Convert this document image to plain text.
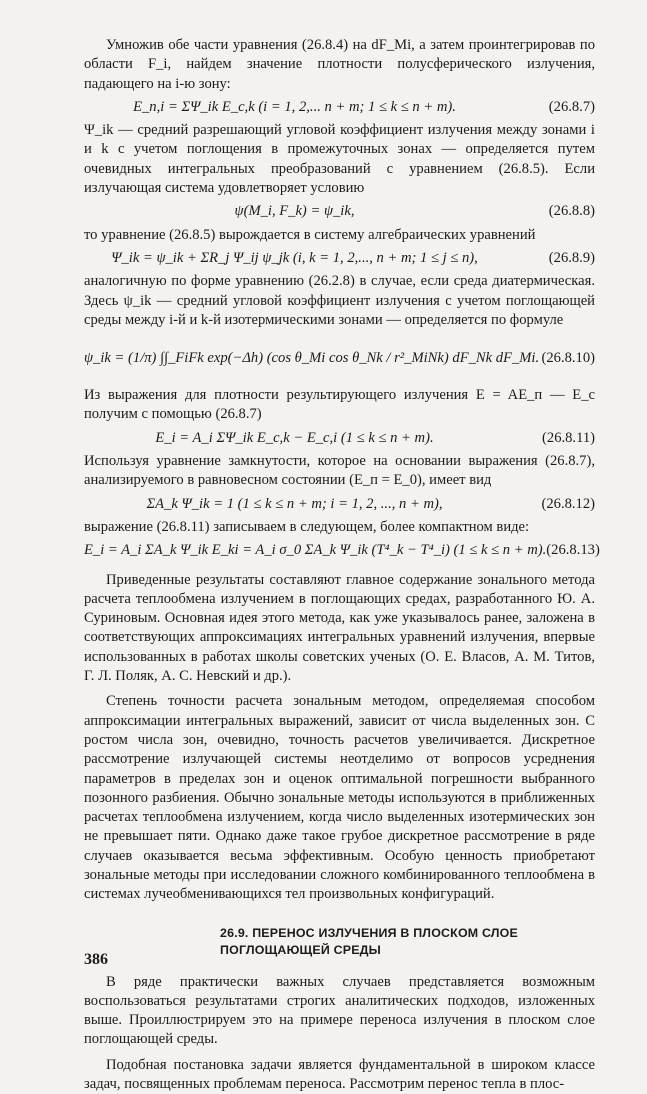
Умножив обе части уравнения (26.8.4) на dF_Mi, а затем проинтегрировав по области F_i, найдем значение плотности полусферического излучения, падающего на i-ю зону:

E_п,i = ΣΨ_ik E_с,k (i = 1, 2,... n + m; 1 ≤ k ≤ n + m).	(26.8.7)

Ψ_ik — средний разрешающий угловой коэффициент излучения между зонами i и k с учетом поглощения в промежуточных зонах — определяется путем очевидных интегральных преобразований с уравнением (26.8.5). Если излучающая система удовлетворяет условию

ψ(M_i, F_k) = ψ_ik,	(26.8.8)

то уравнение (26.8.5) вырождается в систему алгебраических уравнений

Ψ_ik = ψ_ik + ΣR_j Ψ_ij ψ_jk (i, k = 1, 2,..., n + m; 1 ≤ j ≤ n),	(26.8.9)

аналогичную по форме уравнению (26.2.8) в случае, если среда диатермическая. Здесь ψ_ik — средний угловой коэффициент излучения с учетом поглощающей среды между i-й и k-й изотермическими зонами — определяется по формуле

ψ_ik = (1/π) ∫∫_FiFk exp(−Δh) (cos θ_Mi cos θ_Nk / r²_MiNk) dF_Nk dF_Mi. (26.8.10)

Из выражения для плотности результирующего излучения E = AE_п — E_с получим с помощью (26.8.7)

E_i = A_i ΣΨ_ik E_с,k − E_с,i (1 ≤ k ≤ n + m).	(26.8.11)

Используя уравнение замкнутости, которое на основании выражения (26.8.7), анализируемого в равновесном состоянии (E_п = E_0), имеет вид

ΣA_k Ψ_ik = 1 (1 ≤ k ≤ n + m; i = 1, 2, ..., n + m),	(26.8.12)

выражение (26.8.11) записываем в следующем, более компактном виде:

E_i = A_i ΣA_k Ψ_ik E_ki = A_i σ_0 ΣA_k Ψ_ik (T⁴_k − T⁴_i) (1 ≤ k ≤ n + m). (26.8.13)

Приведенные результаты составляют главное содержание зонального метода расчета теплообмена излучением в поглощающих средах, разработанного Ю. А. Суриновым. Основная идея этого метода, как уже указывалось ранее, заложена в соответствующих аппроксимациях интегральных уравнений излучения, впервые использованных в работах школы советских ученых (О. Е. Власов, А. М. Титов, Г. Л. Поляк, А. С. Невский и др.).

Степень точности расчета зональным методом, определяемая способом аппроксимации интегральных выражений, зависит от числа выделенных зон. С ростом числа зон, очевидно, точность расчетов увеличивается. Дискретное рассмотрение излучающей системы неотделимо от вопросов усреднения параметров в пределах зон и оценок оптимальной погрешности выбранного позонного разбиения. Обычно зональные методы используются в приближенных расчетах теплообмена излучением, когда число выделенных изотермических зон не превышает пяти. Однако даже такое грубое дискретное рассмотрение в ряде случаев оказывается весьма эффективным. Особую ценность приобретают зональные методы при исследовании сложного комбинированного теплообмена в системах лучеобменивающихся тел произвольных конфигураций.

26.9. ПЕРЕНОС ИЗЛУЧЕНИЯ В ПЛОСКОМ СЛОЕ
ПОГЛОЩАЮЩЕЙ СРЕДЫ

В ряде практически важных случаев представляется возможным воспользоваться результатами строгих аналитических подходов, изложенных выше. Проиллюстрируем это на примере переноса излучения в плоском слое поглощающей среды.

Подобная постановка задачи является фундаментальной в широком классе задач, посвященных проблемам переноса. Рассмотрим перенос тепла в плос-

386
